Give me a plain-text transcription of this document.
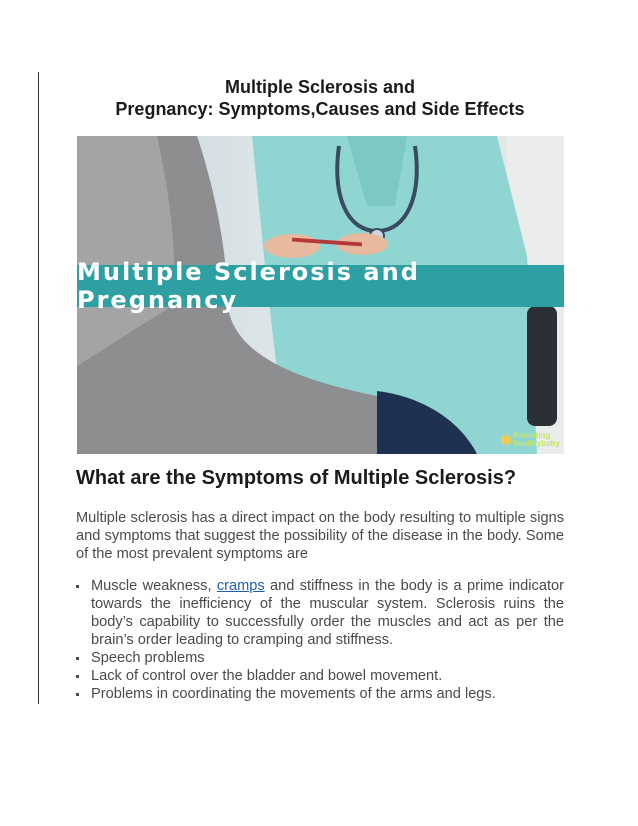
Multiple Sclerosis and
Pregnancy: Symptoms,Causes and Side Effects
Multiple Sclerosis and Pregnancy
Parenting
healthybaby
What are the Symptoms of Multiple Sclerosis?

Multiple sclerosis has a direct impact on the body resulting to multiple signs and symptoms that suggest the possibility of the disease in the body. Some of the most prevalent symptoms are

Muscle weakness, cramps and stiffness in the body is a prime indicator towards the inefficiency of the muscular system. Sclerosis ruins the body’s capability to successfully order the muscles and act as per the brain’s order leading to cramping and stiffness.
Speech problems
Lack of control over the bladder and bowel movement.
Problems in coordinating the movements of the arms and legs.
